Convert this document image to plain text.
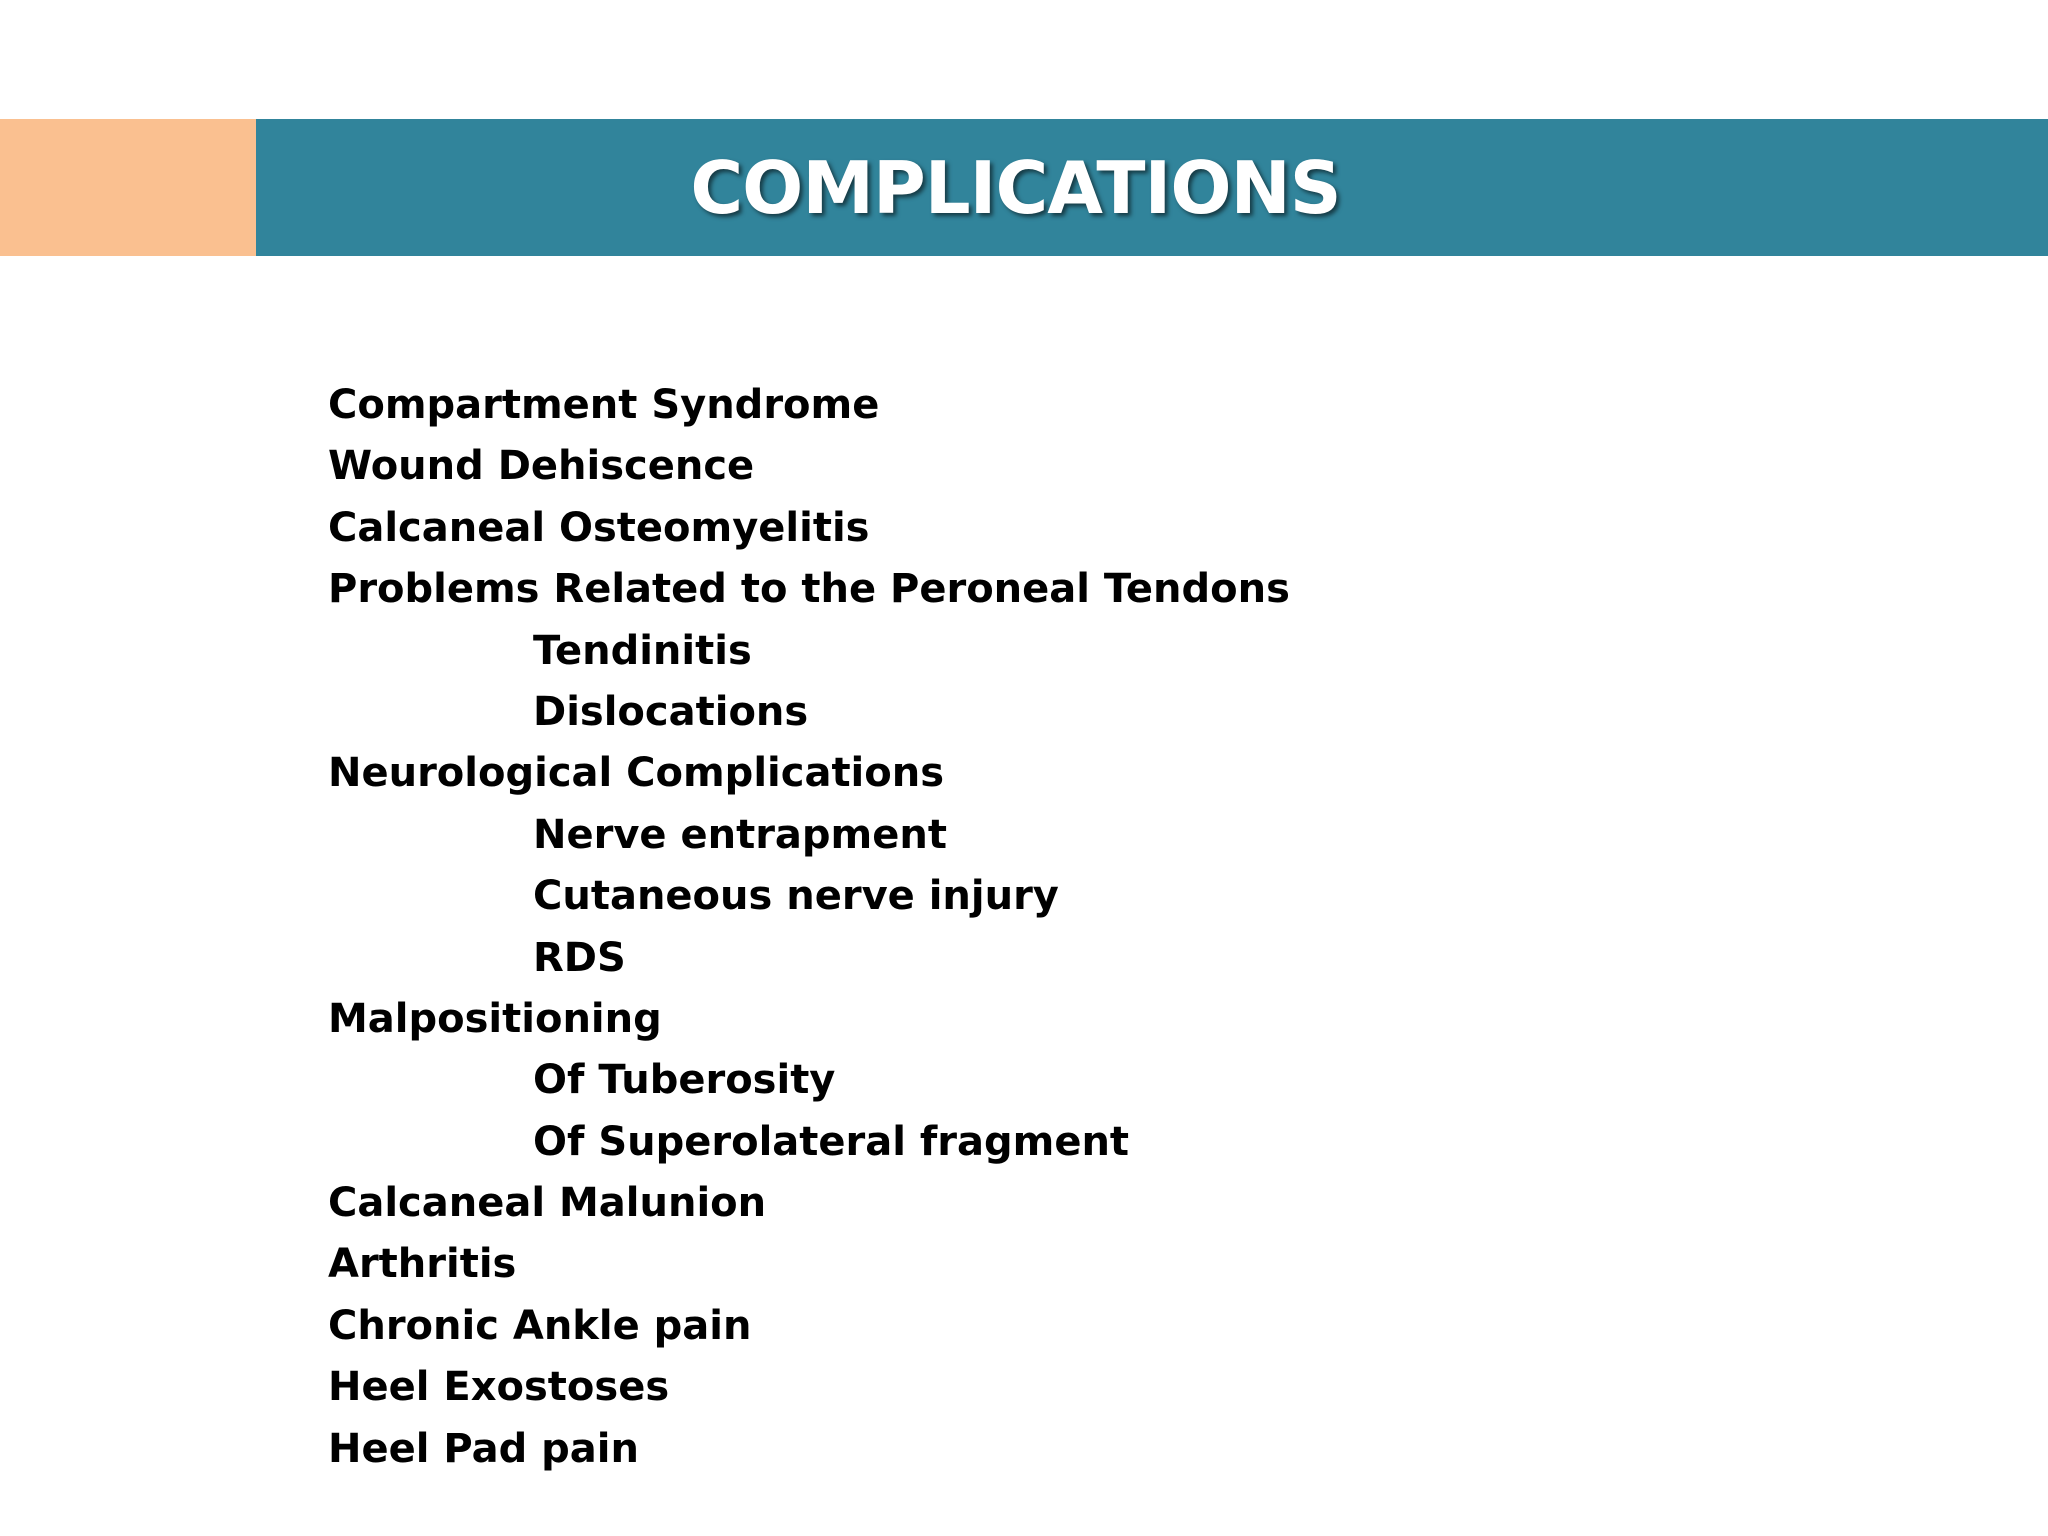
COMPLICATIONS
Compartment Syndrome
Wound Dehiscence
Calcaneal Osteomyelitis
Problems Related to the Peroneal Tendons
Tendinitis
Dislocations
Neurological Complications
Nerve entrapment
Cutaneous nerve injury
RDS
Malpositioning
Of Tuberosity
Of Superolateral fragment
Calcaneal Malunion
Arthritis
Chronic Ankle pain
Heel Exostoses
Heel Pad pain
